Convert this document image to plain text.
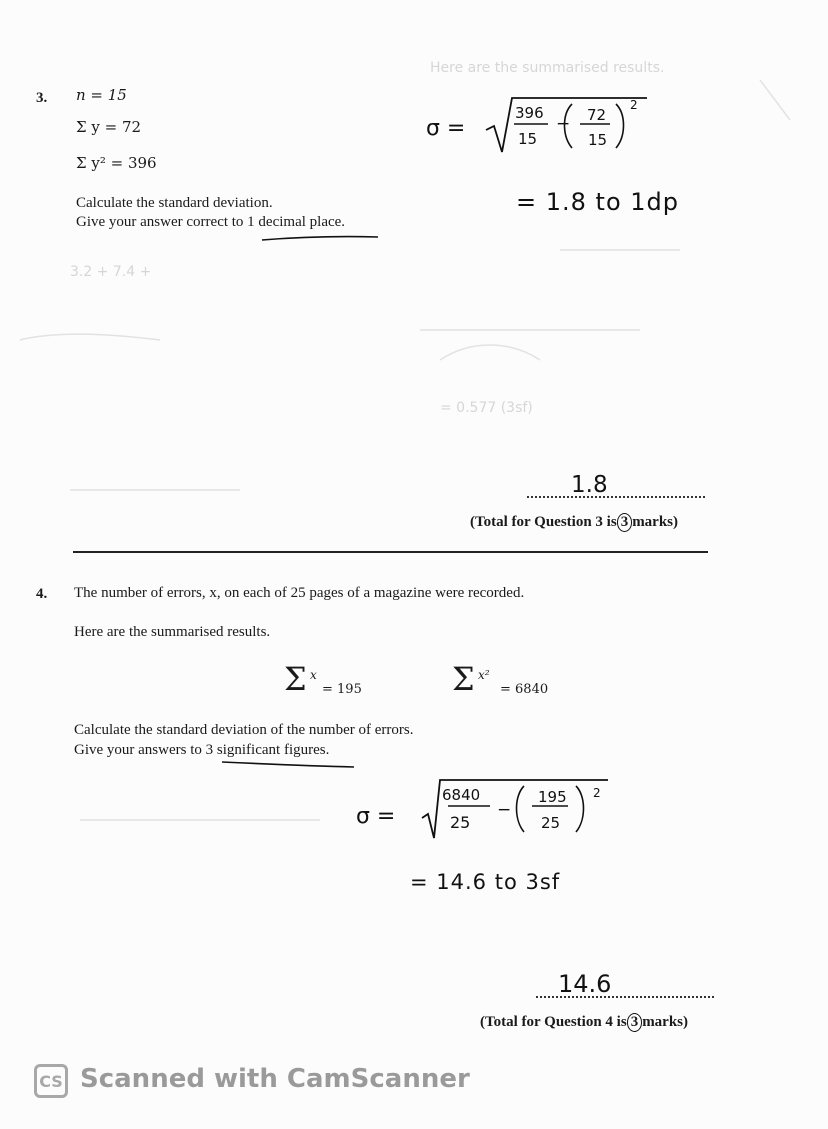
3. n = 15
Σ y = 72
Σ y² = 396
Calculate the standard deviation.
Give your answer correct to 1 decimal place.
σ =
396
15
− 72
15
2
= 1.8 to 1dp
Here are the summarised results.
3.2 + 7.4 +
= 0.577 (3sf)
1.8
(Total for Question 3 is 3 marks)
4. The number of errors, x, on each of 25 pages of a magazine were recorded.
Here are the summarised results.
Σ x
= 195	Σ x²
= 6840
Calculate the standard deviation of the number of errors.
Give your answers to 3 significant figures.
σ =
6840
25
−
195
25
2
= 14.6 to 3sf
14.6
(Total for Question 4 is 3 marks)
CS Scanned with CamScanner
